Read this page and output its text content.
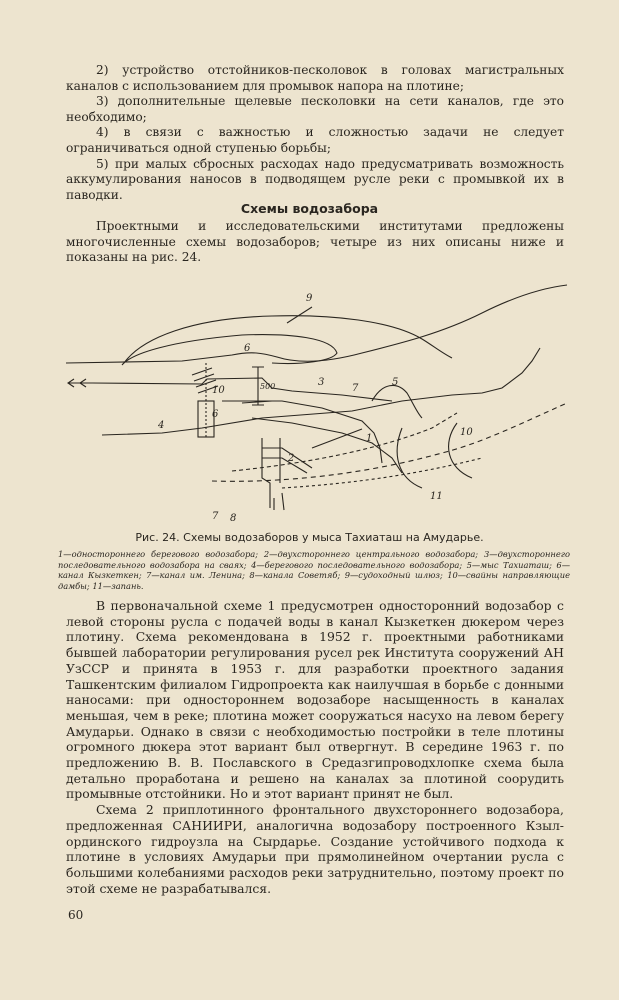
2) устройство отстойников-песколовок в головах магистральных каналов с использованием для промывок напора на плотине;

3) дополнительные щелевые песколовки на сети каналов, где это необходимо;

4) в связи с важностью и сложностью задачи не следует ограничиваться одной ступенью борьбы;

5) при малых сбросных расходах надо предусматривать возможность аккумулирования наносов в подводящем русле реки с промывкой их в паводки.

Схемы водозабора

Проектными и исследовательскими институтами предложены многочисленные схемы водозаборов; четыре из них описаны ниже и показаны на рис. 24.

9
6
10	500	3
7
5
4
6
1
2
10
11
7 8
Рис. 24. Схемы водозаборов у мыса Тахиаташ на Амударье.
1—одностороннего берегового водозабора; 2—двухстороннего центрального водозабора; 3—двухстороннего последовательного водозабора на сваях; 4—берегового последовательного водозабора; 5—мыс Тахиаташ; 6—канал Кызкеткен; 7—канал им. Ленина; 8—канала Советяб; 9—судоходный шлюз; 10—свайны направляющие дамбы; 11—запань.

В первоначальной схеме 1 предусмотрен односторонний водозабор с левой стороны русла с подачей воды в канал Кызкеткен дюкером через плотину. Схема рекомендована в 1952 г. проектными работниками бывшей лаборатории регулирования русел рек Института сооружений АН УзССР и принята в 1953 г. для разработки проектного задания Ташкентским филиалом Гидропроекта как наилучшая в борьбе с донными наносами: при одностороннем водозаборе насыщенность в каналах меньшая, чем в реке; плотина может сооружаться насухо на левом берегу Амударьи. Однако в связи с необходимостью постройки в теле плотины огромного дюкера этот вариант был отвергнут. В середине 1963 г. по предложению В. В. Пославского в Средазгипроводхлопке схема была детально проработана и решено на каналах за плотиной соорудить промывные отстойники. Но и этот вариант принят не был.

Схема 2 приплотинного фронтального двухстороннего водозабора, предложенная САНИИРИ, аналогична водозабору построенного Кзыл-ординского гидроузла на Сырдарье. Создание устойчивого подхода к плотине в условиях Амударьи при прямолинейном очертании русла с большими колебаниями расходов реки затруднительно, поэтому проект по этой схеме не разрабатывался.

60
